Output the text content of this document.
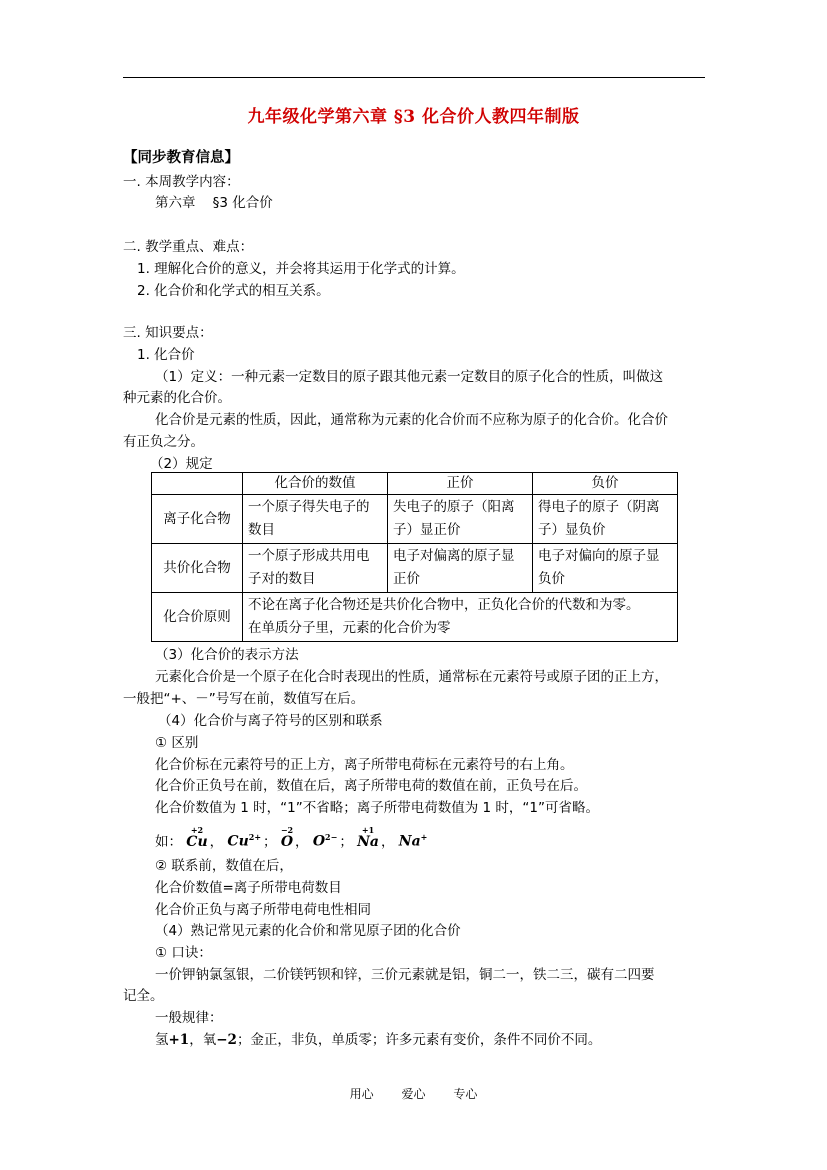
九年级化学第六章 §3 化合价人教四年制版
【同步教育信息】
一. 本周教学内容：
第六章    §3 化合价
二. 教学重点、难点：
1. 理解化合价的意义，并会将其运用于化学式的计算。
2. 化合价和化学式的相互关系。
三. 知识要点：
1. 化合价
（1）定义：一种元素一定数目的原子跟其他元素一定数目的原子化合的性质，叫做这
种元素的化合价。
化合价是元素的性质，因此，通常称为元素的化合价而不应称为原子的化合价。化合价
有正负之分。
（2）规定
	化合价的数值	正价	负价
离子化合物	一个原子得失电子的数目	失电子的原子（阳离子）显正价	得电子的原子（阴离子）显负价
共价化合物	一个原子形成共用电子对的数目	电子对偏离的原子显正价	电子对偏向的原子显负价
化合价原则	不论在离子化合物还是共价化合物中，正负化合价的代数和为零。
在单质分子里，元素的化合价为零		
（3）化合价的表示方法
元素化合价是一个原子在化合时表现出的性质，通常标在元素符号或原子团的正上方，
一般把“+、－”号写在前，数值写在后。
（4）化合价与离子符号的区别和联系
① 区别
化合价标在元素符号的正上方，离子所带电荷标在元素符号的右上角。
化合价正负号在前，数值在后，离子所带电荷的数值在前，正负号在后。
化合价数值为 1 时，“1”不省略；离子所带电荷数值为 1 时，“1”可省略。
如：
+2
Cu ， $Cu^{2+}$ ；
−2
O ， $O^{2-}$ ；
+1
Na ， Na+
② 联系前，数值在后，
化合价数值=离子所带电荷数目
化合价正负与离子所带电荷电性相同
（4）熟记常见元素的化合价和常见原子团的化合价
① 口诀：
一价钾钠氯氢银，二价镁钙钡和锌，三价元素就是铝，铜二一，铁二三，碳有二四要
记全。
一般规律：
氢+1，氧−2；金正，非负，单质零；许多元素有变价，条件不同价不同。
用心 爱心 专心
